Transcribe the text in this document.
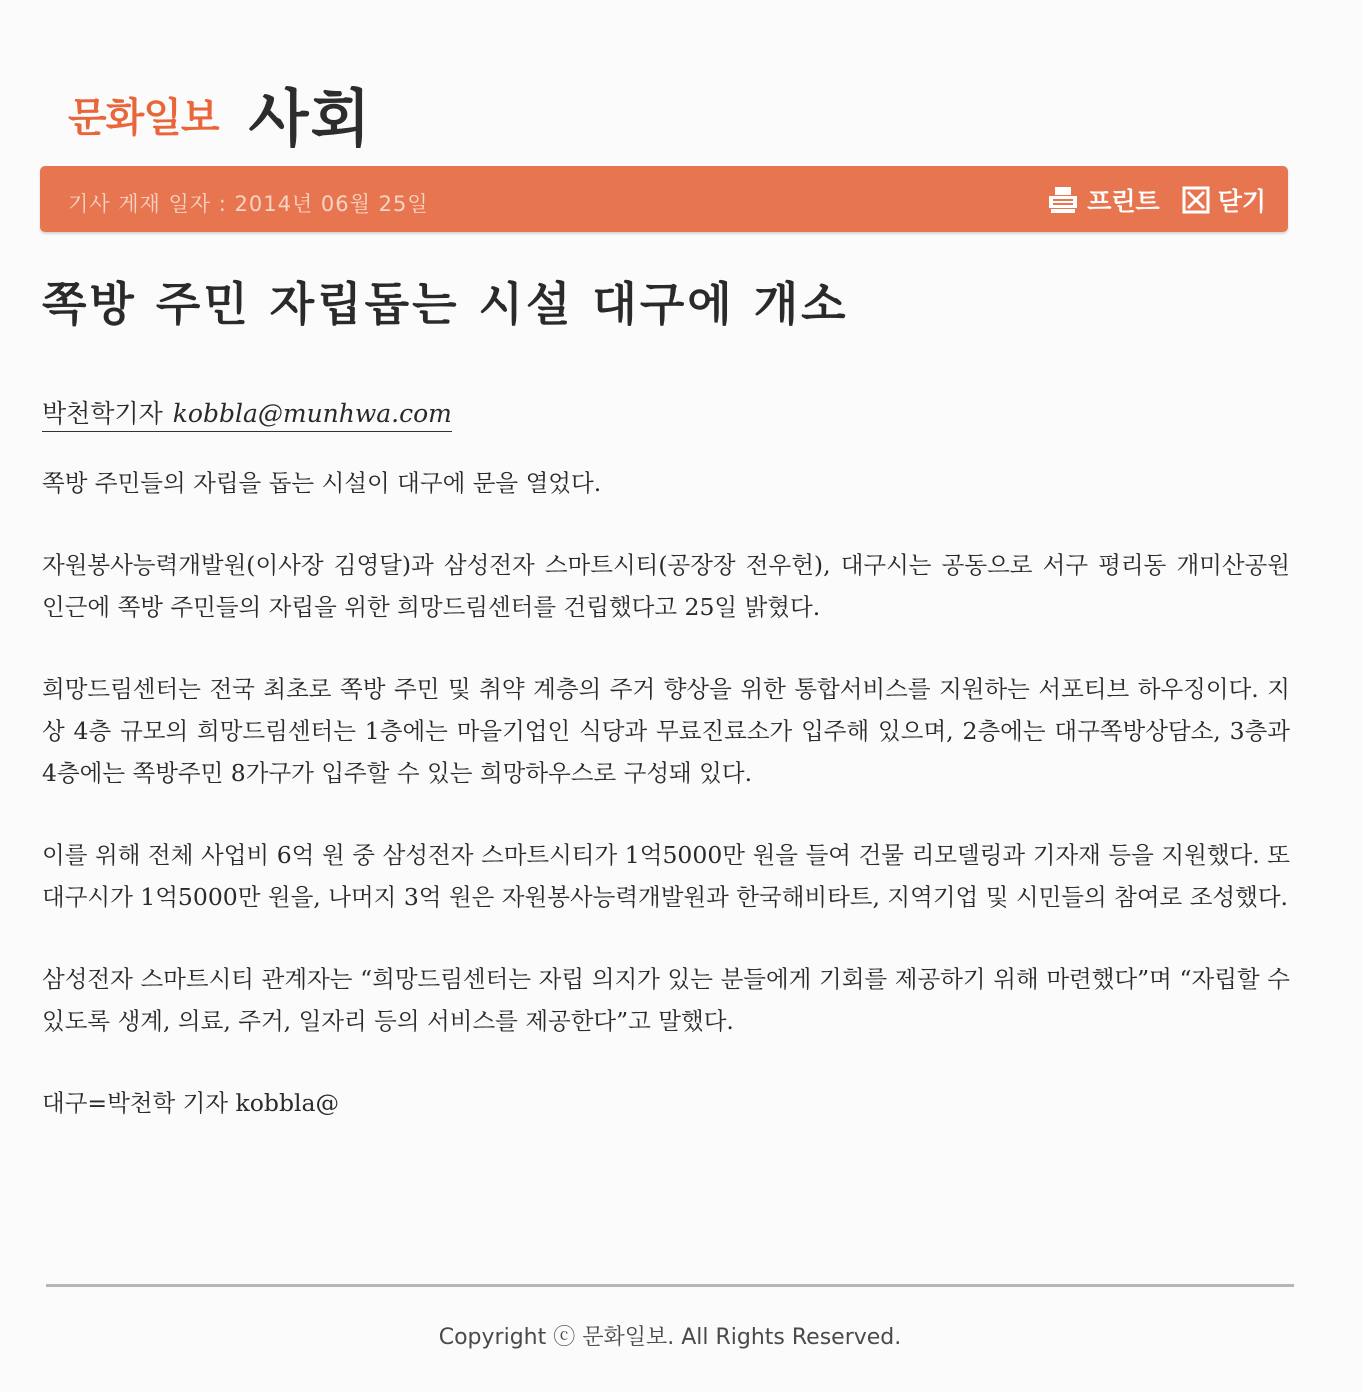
문화일보 사회
기사 게재 일자 : 2014년 06월 25일	프린트 닫기
쪽방 주민 자립돕는 시설 대구에 개소
박천학기자 kobbla@munhwa.com

쪽방 주민들의 자립을 돕는 시설이 대구에 문을 열었다.

자원봉사능력개발원(이사장 김영달)과 삼성전자 스마트시티(공장장 전우헌), 대구시는 공동으로 서구 평리동 개미산공원 인근에 쪽방 주민들의 자립을 위한 희망드림센터를 건립했다고 25일 밝혔다.

희망드림센터는 전국 최초로 쪽방 주민 및 취약 계층의 주거 향상을 위한 통합서비스를 지원하는 서포티브 하우징이다. 지상 4층 규모의 희망드림센터는 1층에는 마을기업인 식당과 무료진료소가 입주해 있으며, 2층에는 대구쪽방상담소, 3층과 4층에는 쪽방주민 8가구가 입주할 수 있는 희망하우스로 구성돼 있다.

이를 위해 전체 사업비 6억 원 중 삼성전자 스마트시티가 1억5000만 원을 들여 건물 리모델링과 기자재 등을 지원했다. 또 대구시가 1억5000만 원을, 나머지 3억 원은 자원봉사능력개발원과 한국해비타트, 지역기업 및 시민들의 참여로 조성했다.

삼성전자 스마트시티 관계자는 “희망드림센터는 자립 의지가 있는 분들에게 기회를 제공하기 위해 마련했다”며 “자립할 수 있도록 생계, 의료, 주거, 일자리 등의 서비스를 제공한다”고 말했다.

대구=박천학 기자 kobbla@

Copyright ⓒ 문화일보. All Rights Reserved.
